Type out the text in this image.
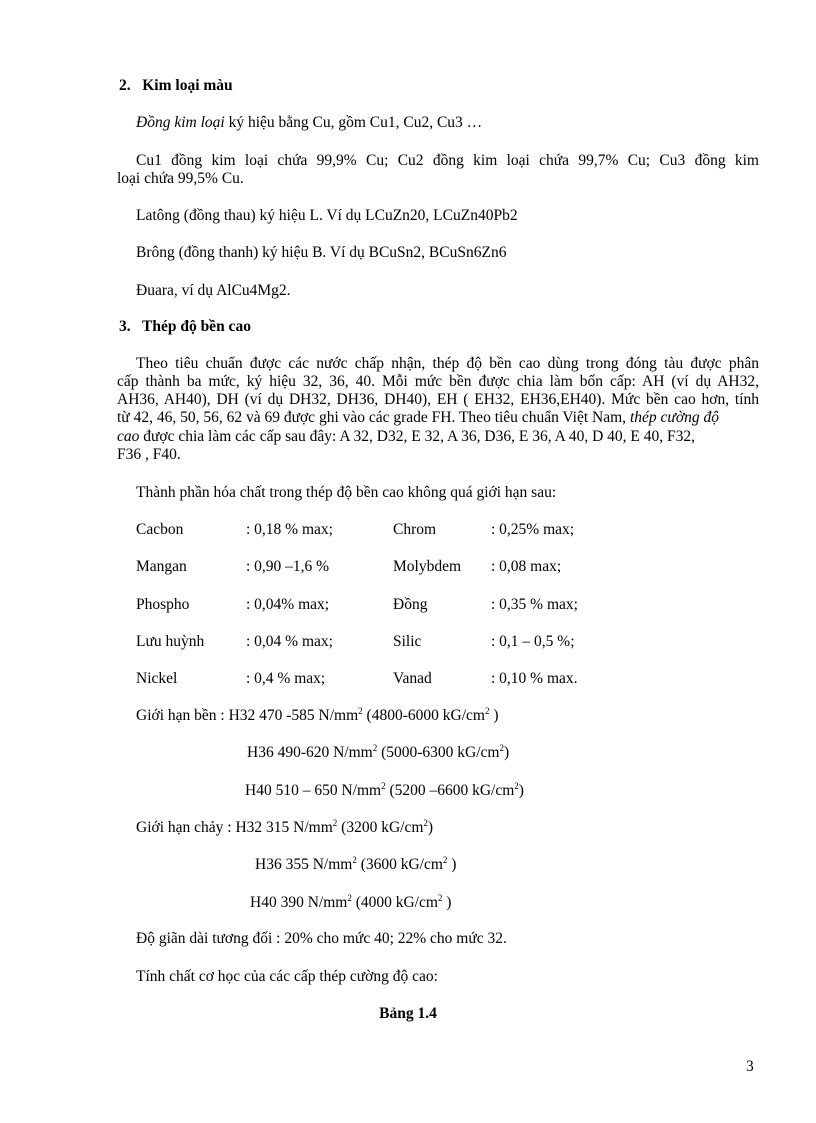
2. Kim loại màu
Đồng kim loại ký hiệu bằng Cu, gồm Cu1, Cu2, Cu3 …
Cu1 đồng kim loại chứa 99,9% Cu; Cu2 đồng kim loại chứa 99,7% Cu; Cu3 đồng kim
loại chứa 99,5% Cu.
Latông (đồng thau) ký hiệu L. Ví dụ LCuZn20, LCuZn40Pb2
Brông (đồng thanh) ký hiệu B. Ví dụ BCuSn2, BCuSn6Zn6
Đuara, ví dụ AlCu4Mg2.
3. Thép độ bền cao
Theo tiêu chuẩn được các nước chấp nhận, thép độ bền cao dùng trong đóng tàu được phân
cấp thành ba mức, ký hiệu 32, 36, 40. Mỗi mức bền được chia làm bốn cấp: AH (ví dụ AH32,
AH36, AH40), DH (ví dụ DH32, DH36, DH40), EH ( EH32, EH36,EH40). Mức bền cao hơn, tính
từ 42, 46, 50, 56, 62 và 69 được ghi vào các grade FH. Theo tiêu chuẩn Việt Nam, thép cường độ
cao được chia làm các cấp sau đây: A 32, D32, E 32, A 36, D36, E 36, A 40, D 40, E 40, F32,
F36 , F40.
Thành phần hóa chất trong thép độ bền cao không quá giới hạn sau:
Cacbon	: 0,18 % max;	Chrom	: 0,25% max;
Mangan	: 0,90 –1,6 %	Molybdem : 0,08 max;
Phospho	: 0,04% max;	Đồng	: 0,35 % max;
Lưu huỳnh	: 0,04 % max;	Silic	: 0,1 – 0,5 %;
Nickel	: 0,4 % max;	Vanad	: 0,10 % max.
Giới hạn bền : H32 470 -585 $N/mm^2$ (4800-6000 $kG/cm^2$ )
H36 490-620 $N/mm^2$ (5000-6300 $kG/cm^2$)
H40 510 – 650 $N/mm^2$ (5200 –6600 $kG/cm^2$)
Giới hạn chảy : H32 315 $N/mm^2$ (3200 $kG/cm^2$)
H36 355 $N/mm^2$ (3600 $kG/cm^2$ )
H40 390 $N/mm^2$ (4000 $kG/cm^2$ )
Độ giãn dài tương đối : 20% cho mức 40; 22% cho mức 32.
Tính chất cơ học của các cấp thép cường độ cao:
Bảng 1.4
3
